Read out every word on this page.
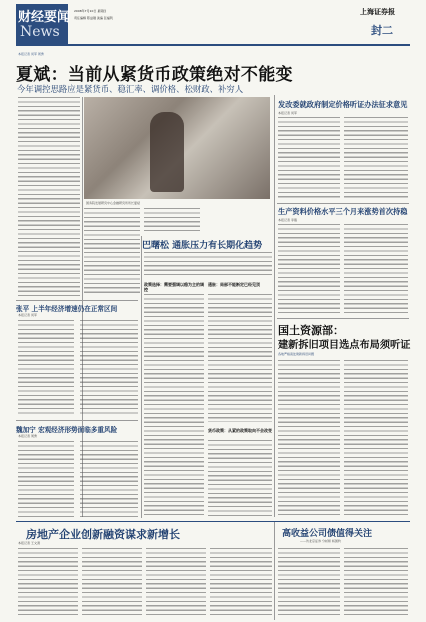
财经要闻
News
2008年7月10日 星期四
责任编辑 陈益刚 美编 张福利
上海证券报
封二
本报记者 何军 周勇
夏斌：当前从紧货币政策绝对不能变
今年调控思路应是紧货币、稳汇率、调价格、松财政、补穷人
国务院发展研究中心金融研究所所长夏斌
发改委就政府制定价格听证办法征求意见
本报记者 何军
生产资料价格水平三个月来涨势首次持稳
本报记者 李雁
国土资源部：
建新拆旧项目选点布局须听证
各地严格查处建新拆旧问题
巴曙松 通胀压力有长期化趋势
政策选择：需要强调以稳为主的调控
通胀：局部不能断定已经见顶
货币政策：从紧的政策取向不会改变
张平 上半年经济增速仍在正常区间
本报记者 何军
魏加宁 宏观经济形势面临多重风险
本报记者 周勇
房地产企业创新融资谋求新增长
本报记者 王文清
高收益公司债值得关注
——访北京证券 分析师 杨国钧
